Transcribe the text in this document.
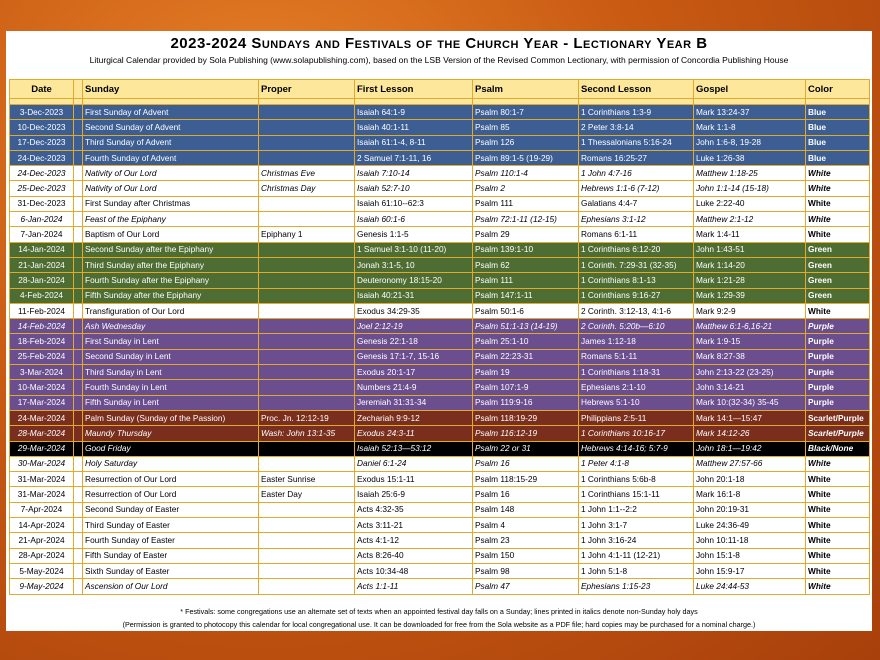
2023-2024 Sundays and Festivals of the Church Year - Lectionary Year B
Liturgical Calendar provided by Sola Publishing (www.solapublishing.com), based on the LSB Version of the Revised Common Lectionary, with permission of Concordia Publishing House
Date		Sunday	Proper	First Lesson	Psalm	Second Lesson	Gospel	Color

3-Dec-2023		First Sunday of Advent		Isaiah 64:1-9	Psalm 80:1-7	1 Corinthians 1:3-9	Mark 13:24-37	Blue
10-Dec-2023		Second Sunday of Advent		Isaiah 40:1-11	Psalm 85	2 Peter 3:8-14	Mark 1:1-8	Blue
17-Dec-2023		Third Sunday of Advent		Isaiah 61:1-4, 8-11	Psalm 126	1 Thessalonians 5:16-24	John 1:6-8, 19-28	Blue
24-Dec-2023		Fourth Sunday of Advent		2 Samuel 7:1-11, 16	Psalm 89:1-5 (19-29)	Romans 16:25-27	Luke 1:26-38	Blue
24-Dec-2023		Nativity of Our Lord	Christmas Eve	Isaiah 7:10-14	Psalm 110:1-4	1 John 4:7-16	Matthew 1:18-25	White
25-Dec-2023		Nativity of Our Lord	Christmas Day	Isaiah 52:7-10	Psalm 2	Hebrews 1:1-6 (7-12)	John 1:1-14 (15-18)	White
31-Dec-2023		First Sunday after Christmas		Isaiah 61:10--62:3	Psalm 111	Galatians 4:4-7	Luke 2:22-40	White
6-Jan-2024		Feast of the Epiphany		Isaiah 60:1-6	Psalm 72:1-11 (12-15)	Ephesians 3:1-12	Matthew 2:1-12	White
7-Jan-2024		Baptism of Our Lord	Epiphany 1	Genesis 1:1-5	Psalm 29	Romans 6:1-11	Mark 1:4-11	White
14-Jan-2024		Second Sunday after the Epiphany		1 Samuel 3:1-10 (11-20)	Psalm 139:1-10	1 Corinthians 6:12-20	John 1:43-51	Green
21-Jan-2024		Third Sunday after the Epiphany		Jonah 3:1-5, 10	Psalm 62	1 Corinth. 7:29-31 (32-35)	Mark 1:14-20	Green
28-Jan-2024		Fourth Sunday after the Epiphany		Deuteronomy 18:15-20	Psalm 111	1 Corinthians 8:1-13	Mark 1:21-28	Green
4-Feb-2024		Fifth Sunday after the Epiphany		Isaiah 40:21-31	Psalm 147:1-11	1 Corinthians 9:16-27	Mark 1:29-39	Green
11-Feb-2024		Transfiguration of Our Lord		Exodus 34:29-35	Psalm 50:1-6	2 Corinth. 3:12-13, 4:1-6	Mark 9:2-9	White
14-Feb-2024		Ash Wednesday		Joel 2:12-19	Psalm 51:1-13 (14-19)	2 Corinth. 5:20b—6:10	Matthew 6:1-6,16-21	Purple
18-Feb-2024		First Sunday in Lent		Genesis 22:1-18	Psalm 25:1-10	James 1:12-18	Mark 1:9-15	Purple
25-Feb-2024		Second Sunday in Lent		Genesis 17:1-7, 15-16	Psalm 22:23-31	Romans 5:1-11	Mark 8:27-38	Purple
3-Mar-2024		Third Sunday in Lent		Exodus 20:1-17	Psalm 19	1 Corinthians 1:18-31	John 2:13-22 (23-25)	Purple
10-Mar-2024		Fourth Sunday in Lent		Numbers 21:4-9	Psalm 107:1-9	Ephesians 2:1-10	John 3:14-21	Purple
17-Mar-2024		Fifth Sunday in Lent		Jeremiah 31:31-34	Psalm 119:9-16	Hebrews 5:1-10	Mark 10:(32-34) 35-45	Purple
24-Mar-2024		Palm Sunday (Sunday of the Passion)	Proc. Jn. 12:12-19	Zechariah 9:9-12	Psalm 118:19-29	Philippians 2:5-11	Mark 14:1—15:47	Scarlet/Purple
28-Mar-2024		Maundy Thursday	Wash: John 13:1-35	Exodus 24:3-11	Psalm 116:12-19	1 Corinthians 10:16-17	Mark 14:12-26	Scarlet/Purple
29-Mar-2024		Good Friday		Isaiah 52:13—53:12	Psalm 22 or 31	Hebrews 4:14-16; 5:7-9	John 18:1—19:42	Black/None
30-Mar-2024		Holy Saturday		Daniel 6:1-24	Psalm 16	1 Peter 4:1-8	Matthew 27:57-66	White
31-Mar-2024		Resurrection of Our Lord	Easter Sunrise	Exodus 15:1-11	Psalm 118:15-29	1 Corinthians 5:6b-8	John 20:1-18	White
31-Mar-2024		Resurrection of Our Lord	Easter Day	Isaiah 25:6-9	Psalm 16	1 Corinthians 15:1-11	Mark 16:1-8	White
7-Apr-2024		Second Sunday of Easter		Acts 4:32-35	Psalm 148	1 John 1:1--2:2	John 20:19-31	White
14-Apr-2024		Third Sunday of Easter		Acts 3:11-21	Psalm 4	1 John 3:1-7	Luke 24:36-49	White
21-Apr-2024		Fourth Sunday of Easter		Acts 4:1-12	Psalm 23	1 John 3:16-24	John 10:11-18	White
28-Apr-2024		Fifth Sunday of Easter		Acts 8:26-40	Psalm 150	1 John 4:1-11 (12-21)	John 15:1-8	White
5-May-2024		Sixth Sunday of Easter		Acts 10:34-48	Psalm 98	1 John 5:1-8	John 15:9-17	White
9-May-2024		Ascension of Our Lord		Acts 1:1-11	Psalm 47	Ephesians 1:15-23	Luke 24:44-53	White
* Festivals: some congregations use an alternate set of texts when an appointed festival day falls on a Sunday; lines printed in italics denote non-Sunday holy days
(Permission is granted to photocopy this calendar for local congregational use. It can be downloaded for free from the Sola website as a PDF file; hard copies may be purchased for a nominal charge.)
